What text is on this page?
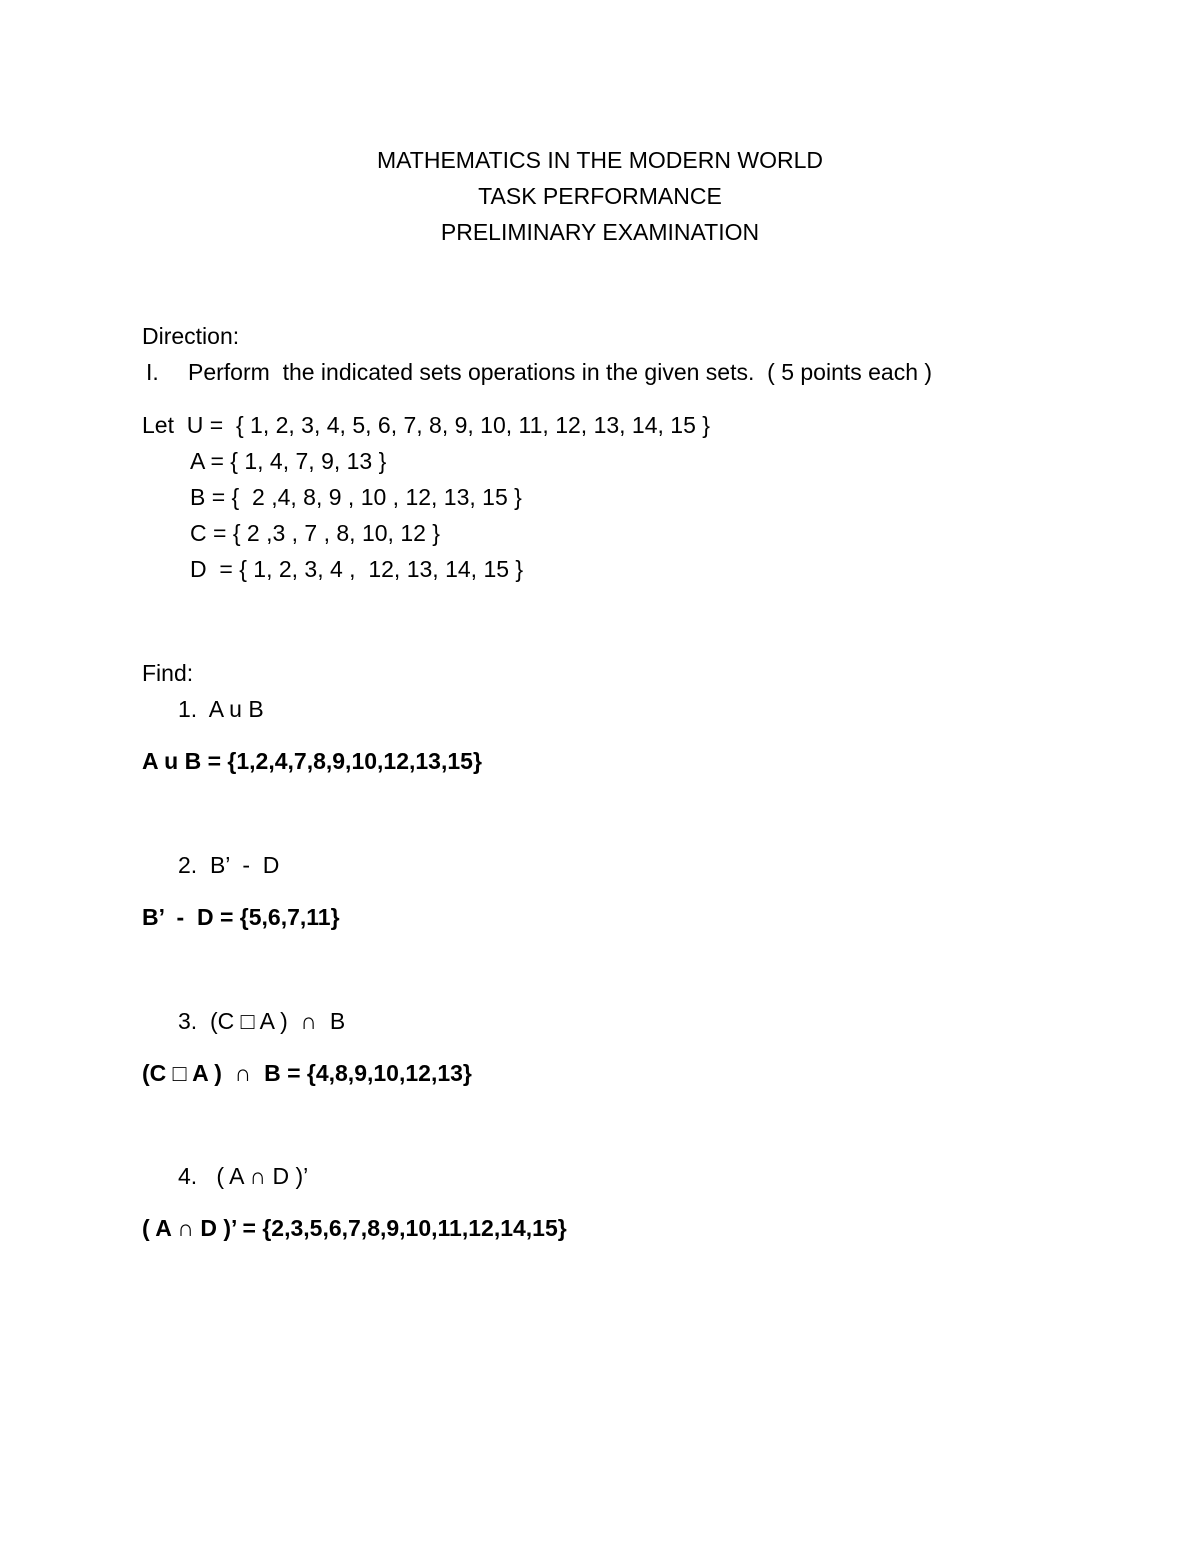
MATHEMATICS IN THE MODERN WORLD
TASK PERFORMANCE
PRELIMINARY EXAMINATION
Direction:
I. Perform  the indicated sets operations in the given sets.  ( 5 points each )
Let  U =  { 1, 2, 3, 4, 5, 6, 7, 8, 9, 10, 11, 12, 13, 14, 15 }
A = { 1, 4, 7, 9, 13 }
B = {  2 ,4, 8, 9 , 10 , 12, 13, 15 }
C = { 2 ,3 , 7 , 8, 10, 12 }
D  = { 1, 2, 3, 4 ,  12, 13, 14, 15 }
Find:
1.  A u B
A u B = {1,2,4,7,8,9,10,12,13,15}
2.  B’  -  D
B’  -  D = {5,6,7,11}
3.  (C □ A )  ∩  B
(C □ A )  ∩  B = {4,8,9,10,12,13}
4.   ( A ∩ D )’
( A ∩ D )’ = {2,3,5,6,7,8,9,10,11,12,14,15}
